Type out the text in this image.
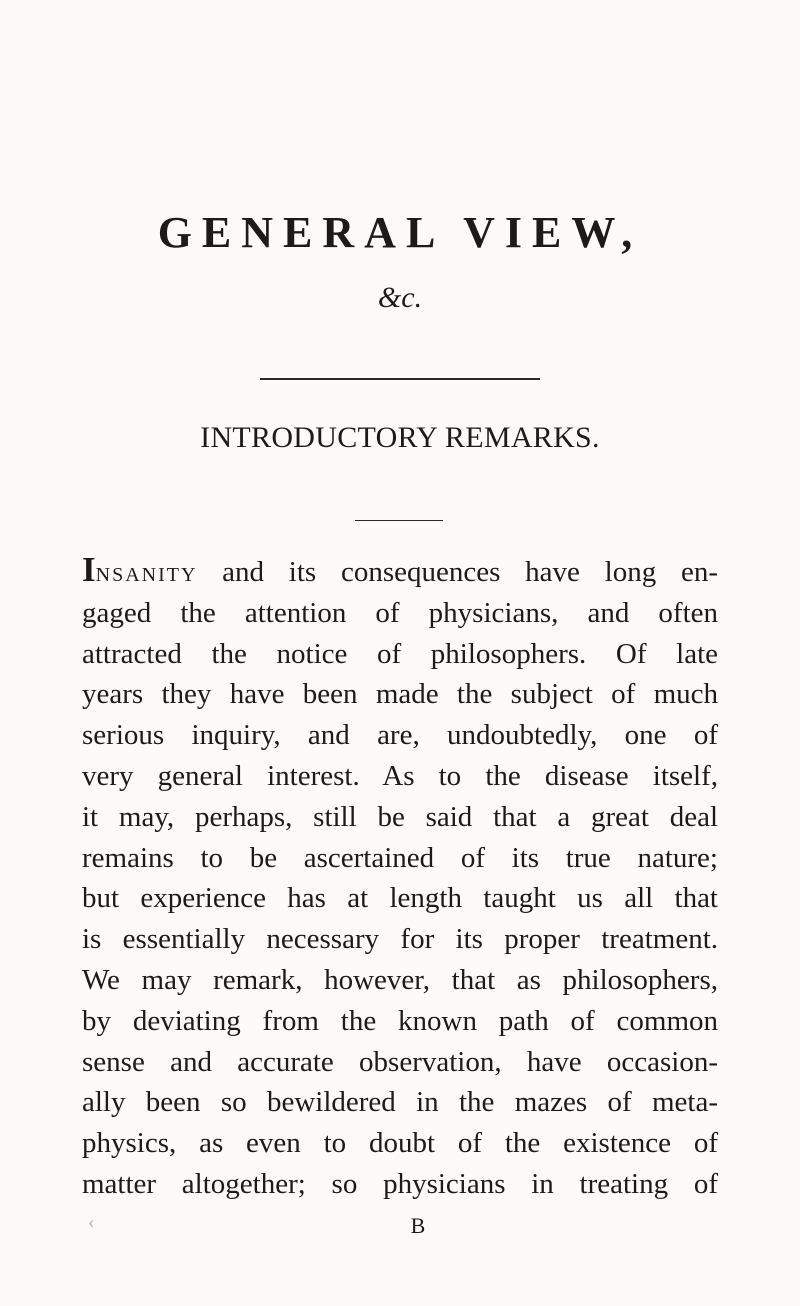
GENERAL VIEW,
&c.
INTRODUCTORY REMARKS.
Insanity and its consequences have long en-
gaged the attention of physicians, and often
attracted the notice of philosophers. Of late
years they have been made the subject of much
serious inquiry, and are, undoubtedly, one of
very general interest. As to the disease itself,
it may, perhaps, still be said that a great deal
remains to be ascertained of its true nature;
but experience has at length taught us all that
is essentially necessary for its proper treatment.
We may remark, however, that as philosophers,
by deviating from the known path of common
sense and accurate observation, have occasion-
ally been so bewildered in the mazes of meta-
physics, as even to doubt of the existence of
matter altogether; so physicians in treating of
‹	B
